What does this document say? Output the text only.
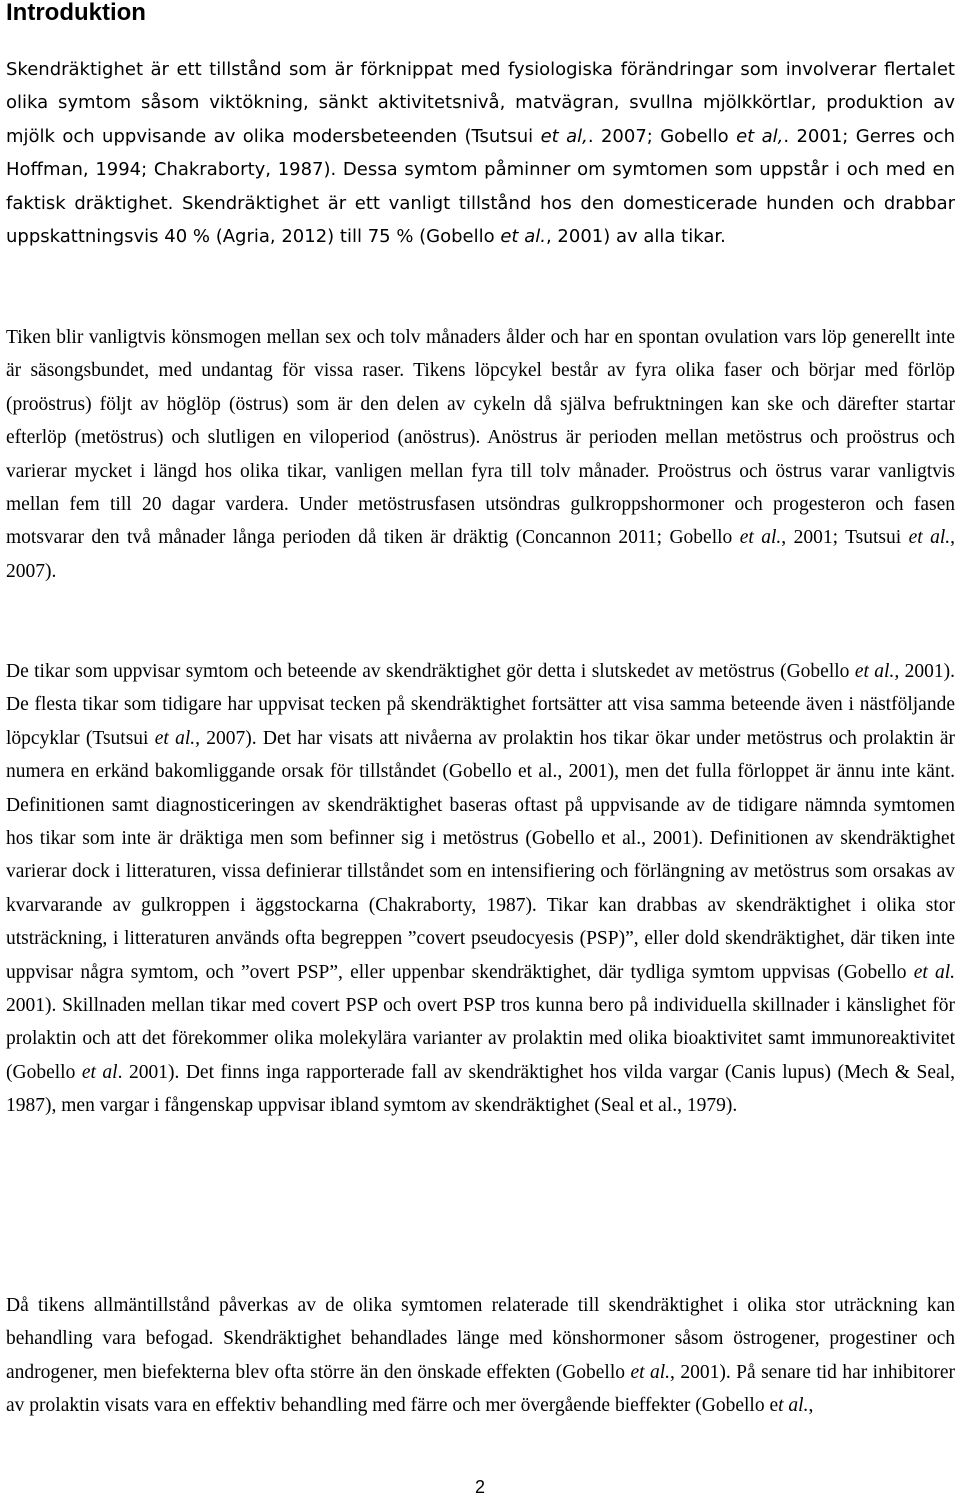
Introduktion

Skendräktighet är ett tillstånd som är förknippat med fysiologiska förändringar som involverar flertalet olika symtom såsom viktökning, sänkt aktivitetsnivå, matvägran, svullna mjölkkörtlar, produktion av mjölk och uppvisande av olika modersbeteenden (Tsutsui et al,. 2007; Gobello et al,. 2001; Gerres och Hoffman, 1994; Chakraborty, 1987). Dessa symtom påminner om symtomen som uppstår i och med en faktisk dräktighet. Skendräktighet är ett vanligt tillstånd hos den domesticerade hunden och drabbar uppskattningsvis 40 % (Agria, 2012) till 75 % (Gobello et al., 2001) av alla tikar.

Tiken blir vanligtvis könsmogen mellan sex och tolv månaders ålder och har en spontan ovulation vars löp generellt inte är säsongsbundet, med undantag för vissa raser. Tikens löpcykel består av fyra olika faser och börjar med förlöp (proöstrus) följt av höglöp (östrus) som är den delen av cykeln då själva befruktningen kan ske och därefter startar efterlöp (metöstrus) och slutligen en viloperiod (anöstrus). Anöstrus är perioden mellan metöstrus och proöstrus och varierar mycket i längd hos olika tikar, vanligen mellan fyra till tolv månader. Proöstrus och östrus varar vanligtvis mellan fem till 20 dagar vardera. Under metöstrusfasen utsöndras gulkroppshormoner och progesteron och fasen motsvarar den två månader långa perioden då tiken är dräktig (Concannon 2011; Gobello et al., 2001; Tsutsui et al., 2007).

De tikar som uppvisar symtom och beteende av skendräktighet gör detta i slutskedet av metöstrus (Gobello et al., 2001). De flesta tikar som tidigare har uppvisat tecken på skendräktighet fortsätter att visa samma beteende även i nästföljande löpcyklar (Tsutsui et al., 2007). Det har visats att nivåerna av prolaktin hos tikar ökar under metöstrus och prolaktin är numera en erkänd bakomliggande orsak för tillståndet (Gobello et al., 2001), men det fulla förloppet är ännu inte känt. Definitionen samt diagnosticeringen av skendräktighet baseras oftast på uppvisande av de tidigare nämnda symtomen hos tikar som inte är dräktiga men som befinner sig i metöstrus (Gobello et al., 2001). Definitionen av skendräktighet varierar dock i litteraturen, vissa definierar tillståndet som en intensifiering och förlängning av metöstrus som orsakas av kvarvarande av gulkroppen i äggstockarna (Chakraborty, 1987). Tikar kan drabbas av skendräktighet i olika stor utsträckning, i litteraturen används ofta begreppen ”covert pseudocyesis (PSP)”, eller dold skendräktighet, där tiken inte uppvisar några symtom, och ”overt PSP”, eller uppenbar skendräktighet, där tydliga symtom uppvisas (Gobello et al. 2001). Skillnaden mellan tikar med covert PSP och overt PSP tros kunna bero på individuella skillnader i känslighet för prolaktin och att det förekommer olika molekylära varianter av prolaktin med olika bioaktivitet samt immunoreaktivitet (Gobello et al. 2001). Det finns inga rapporterade fall av skendräktighet hos vilda vargar (Canis lupus) (Mech & Seal, 1987), men vargar i fångenskap uppvisar ibland symtom av skendräktighet (Seal et al., 1979).

Då tikens allmäntillstånd påverkas av de olika symtomen relaterade till skendräktighet i olika stor uträckning kan behandling vara befogad. Skendräktighet behandlades länge med könshormoner såsom östrogener, progestiner och androgener, men biefekterna blev ofta större än den önskade effekten (Gobello et al., 2001). På senare tid har inhibitorer av prolaktin visats vara en effektiv behandling med färre och mer övergående bieffekter (Gobello et al.,

2
